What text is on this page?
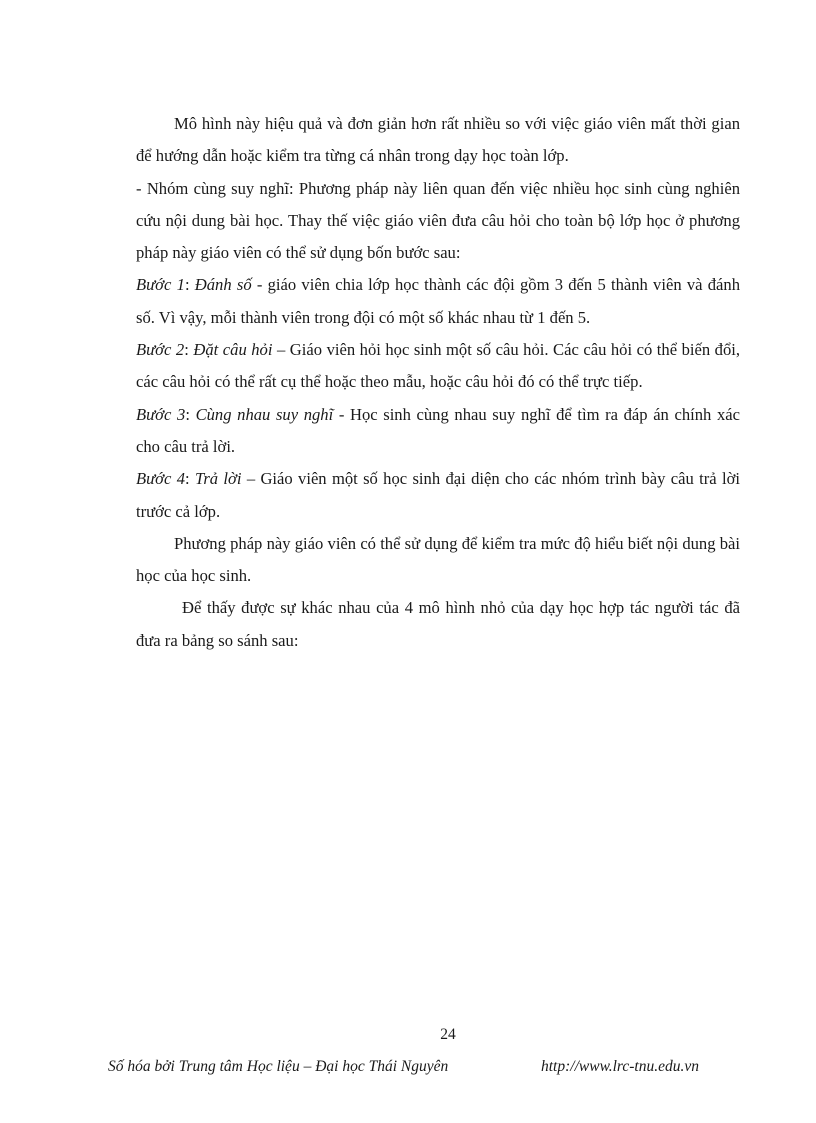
Mô hình này hiệu quả và đơn giản hơn rất nhiều so với việc giáo viên mất thời gian để hướng dẫn hoặc kiểm tra từng cá nhân trong dạy học toàn lớp.

- Nhóm cùng suy nghĩ: Phương pháp này liên quan đến việc nhiều học sinh cùng nghiên cứu nội dung bài học. Thay thế việc giáo viên đưa câu hỏi cho toàn bộ lớp học ở phương pháp này giáo viên có thể sử dụng bốn bước sau:

Bước 1: Đánh số - giáo viên chia lớp học thành các đội gồm 3 đến 5 thành viên và đánh số. Vì vậy, mỗi thành viên trong đội có một số khác nhau từ 1 đến 5.

Bước 2: Đặt câu hỏi – Giáo viên hỏi học sinh một số câu hỏi. Các câu hỏi có thể biến đổi, các câu hỏi có thể rất cụ thể hoặc theo mẫu, hoặc câu hỏi đó có thể trực tiếp.

Bước 3: Cùng nhau suy nghĩ - Học sinh cùng nhau suy nghĩ để tìm ra đáp án chính xác cho câu trả lời.

Bước 4: Trả lời – Giáo viên một số học sinh đại diện cho các nhóm trình bày câu trả lời trước cả lớp.

Phương pháp này giáo viên có thể sử dụng để kiểm tra mức độ hiểu biết nội dung bài học của học sinh.

Để thấy được sự khác nhau của 4 mô hình nhỏ của dạy học hợp tác người tác đã đưa ra bảng so sánh sau:

24
Số hóa bởi Trung tâm Học liệu – Đại học Thái Nguyên	http://www.lrc-tnu.edu.vn
